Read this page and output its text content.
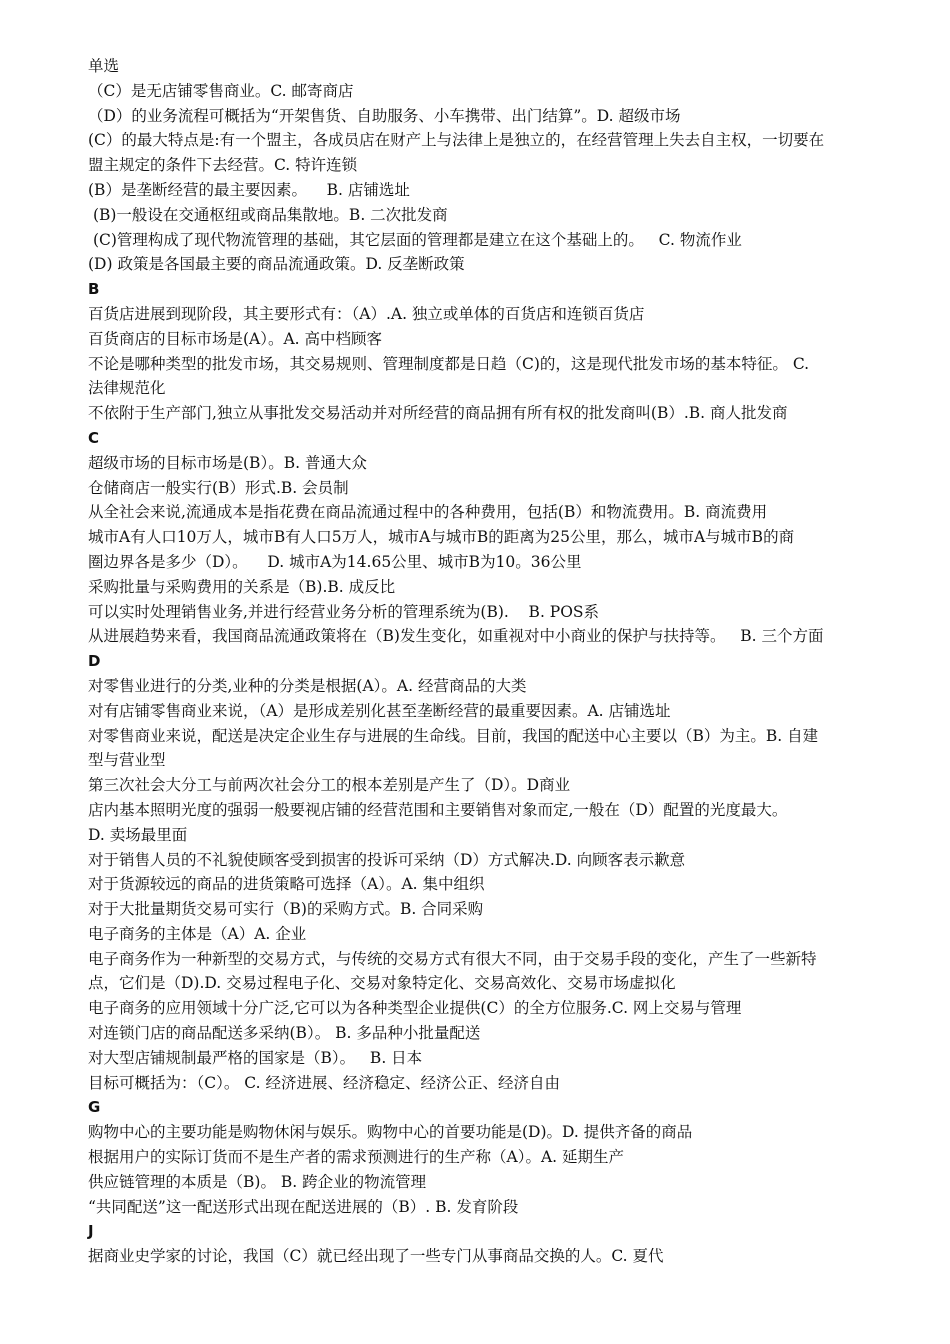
单选

（C）是无店铺零售商业。C. 邮寄商店

（D）的业务流程可概括为“开架售货、自助服务、小车携带、出门结算”。D. 超级市场

(C）的最大特点是:有一个盟主，各成员店在财产上与法律上是独立的，在经营管理上失去自主权，一切要在

盟主规定的条件下去经营。C. 特许连锁

(B）是垄断经营的最主要因素。    B. 店铺选址

(B)一般设在交通枢纽或商品集散地。B. 二次批发商

(C)管理构成了现代物流管理的基础，其它层面的管理都是建立在这个基础上的。   C. 物流作业

(D) 政策是各国最主要的商品流通政策。D. 反垄断政策

B

百货店进展到现阶段，其主要形式有：（A）.A. 独立或单体的百货店和连锁百货店

百货商店的目标市场是(A）。A. 高中档顾客

不论是哪种类型的批发市场，其交易规则、管理制度都是日趋（C)的，这是现代批发市场的基本特征。 C.

法律规范化

不依附于生产部门,独立从事批发交易活动并对所经营的商品拥有所有权的批发商叫(B）.B. 商人批发商

C

超级市场的目标市场是(B）。B. 普通大众

仓储商店一般实行(B）形式.B. 会员制

从全社会来说,流通成本是指花费在商品流通过程中的各种费用，包括(B）和物流费用。B. 商流费用

城市A有人口10万人，城市B有人口5万人，城市A与城市B的距离为25公里，那么，城市A与城市B的商

圈边界各是多少（D）。    D. 城市A为14.65公里、城市B为10。36公里

采购批量与采购费用的关系是（B).B. 成反比

可以实时处理销售业务,并进行经营业务分析的管理系统为(B).    B. POS系

从进展趋势来看，我国商品流通政策将在（B)发生变化，如重视对中小商业的保护与扶持等。   B. 三个方面

D

对零售业进行的分类,业种的分类是根据(A）。A. 经营商品的大类

对有店铺零售商业来说，（A）是形成差别化甚至垄断经营的最重要因素。A. 店铺选址

对零售商业来说，配送是决定企业生存与进展的生命线。目前，我国的配送中心主要以（B）为主。B. 自建

型与营业型

第三次社会大分工与前两次社会分工的根本差别是产生了（D）。D商业

店内基本照明光度的强弱一般要视店铺的经营范围和主要销售对象而定,一般在（D）配置的光度最大。

D. 卖场最里面

对于销售人员的不礼貌使顾客受到损害的投诉可采纳（D）方式解决.D. 向顾客表示歉意

对于货源较远的商品的进货策略可选择（A）。A. 集中组织

对于大批量期货交易可实行（B)的采购方式。B. 合同采购

电子商务的主体是（A）A. 企业

电子商务作为一种新型的交易方式，与传统的交易方式有很大不同，由于交易手段的变化，产生了一些新特

点，它们是（D).D. 交易过程电子化、交易对象特定化、交易高效化、交易市场虚拟化

电子商务的应用领域十分广泛,它可以为各种类型企业提供(C）的全方位服务.C. 网上交易与管理

对连锁门店的商品配送多采纳(B）。 B. 多品种小批量配送

对大型店铺规制最严格的国家是（B）。   B. 日本

目标可概括为：（C）。 C. 经济进展、经济稳定、经济公正、经济自由

G

购物中心的主要功能是购物休闲与娱乐。购物中心的首要功能是(D)。D. 提供齐备的商品

根据用户的实际订货而不是生产者的需求预测进行的生产称（A）。A. 延期生产

供应链管理的本质是（B)。 B. 跨企业的物流管理

“共同配送”这一配送形式出现在配送进展的（B）. B. 发育阶段

J

据商业史学家的讨论，我国（C）就已经出现了一些专门从事商品交换的人。C. 夏代
